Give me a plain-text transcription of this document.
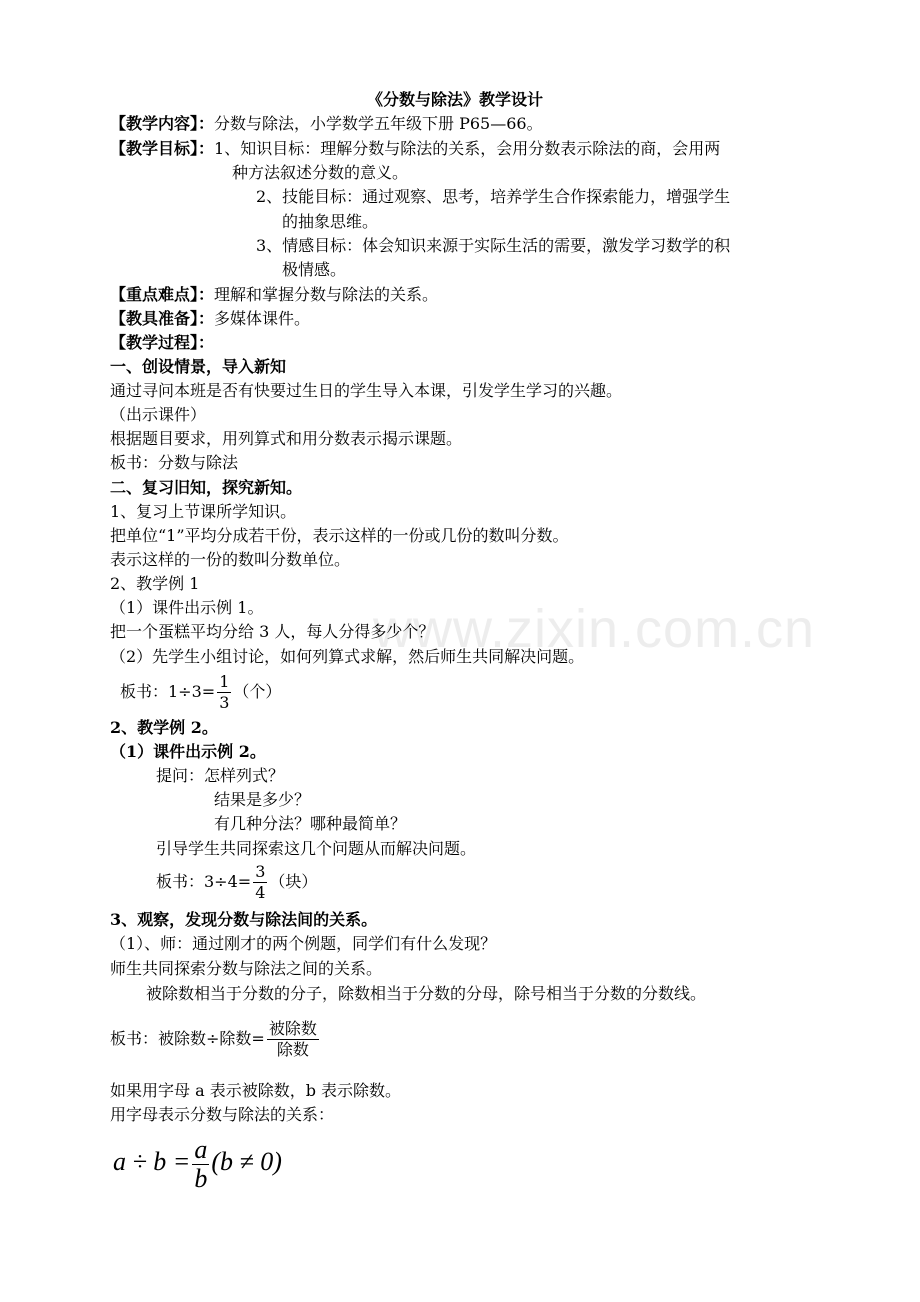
www.zixin.com.cn
《分数与除法》教学设计
【教学内容】：分数与除法，小学数学五年级下册 P65—66。
【教学目标】：1、知识目标：理解分数与除法的关系，会用分数表示除法的商，会用两
种方法叙述分数的意义。
2、技能目标：通过观察、思考，培养学生合作探索能力，增强学生
的抽象思维。
3、情感目标：体会知识来源于实际生活的需要，激发学习数学的积
极情感。
【重点难点】：理解和掌握分数与除法的关系。
【教具准备】：多媒体课件。
【教学过程】：
一、创设情景，导入新知
通过寻问本班是否有快要过生日的学生导入本课，引发学生学习的兴趣。
（出示课件）
根据题目要求，用列算式和用分数表示揭示课题。
板书：分数与除法
二、复习旧知，探究新知。
1、复习上节课所学知识。
把单位“1”平均分成若干份，表示这样的一份或几份的数叫分数。
表示这样的一份的数叫分数单位。
2、教学例 1
（1）课件出示例 1。
把一个蛋糕平均分给 3 人，每人分得多少个？
（2）先学生小组讨论，如何列算式求解，然后师生共同解决问题。
板书：$1\div 3= \frac{1}{3}$ （个）
2、教学例 2。
（1）课件出示例 2。
提问：怎样列式？
结果是多少？
有几种分法？哪种最简单？
引导学生共同探索这几个问题从而解决问题。
板书：$3\div 4= \frac{3}{4}$ （块）
3、观察，发现分数与除法间的关系。
（1）、师：通过刚才的两个例题，同学们有什么发现？
师生共同探索分数与除法之间的关系。
被除数相当于分数的分子，除数相当于分数的分母，除号相当于分数的分数线。
板书：被除数÷除数= $\frac{\text{被除数}}{\text{除数}}$
如果用字母 a 表示被除数，b 表示除数。
用字母表示分数与除法的关系：
$a \div b = \frac{a}{b} (b \ne 0)$
